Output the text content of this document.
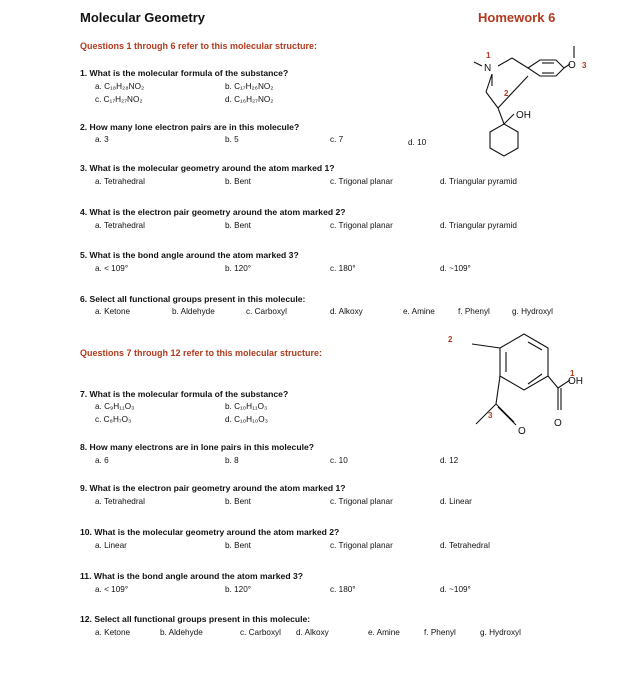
Molecular Geometry	Homework 6
Questions 1 through 6 refer to this molecular structure:
1. What is the molecular formula of the substance?
a. C₁₈H₂₈NO₂	b. C₁₇H₂₆NO₂
c. C₁₇H₂₇NO₂	d. C₁₆H₂₇NO₂
2. How many lone electron pairs are in this molecule?
a. 3	b. 5	c. 7	d. 10
3. What is the molecular geometry around the atom marked 1?
a. Tetrahedral	b. Bent	c. Trigonal planar	d. Triangular pyramid
4. What is the electron pair geometry around the atom marked 2?
a. Tetrahedral	b. Bent	c. Trigonal planar	d. Triangular pyramid
5. What is the bond angle around the atom marked 3?
a. < 109°	b. 120°	c. 180°	d. ~109°
6. Select all functional groups present in this molecule:
a. Ketone	b. Aldehyde	c. Carboxyl	d. Alkoxy	e. Amine	f. Phenyl	g. Hydroxyl
Questions 7 through 12 refer to this molecular structure:
7. What is the molecular formula of the substance?
a. C₉H₁₁O₃	b. C₁₀H₁₁O₃
c. C₈H₇O₃	d. C₁₀H₁₀O₃
8. How many electrons are in lone pairs in this molecule?
a. 6	b. 8	c. 10	d. 12
9. What is the electron pair geometry around the atom marked 1?
a. Tetrahedral	b. Bent	c. Trigonal planar	d. Linear
10. What is the molecular geometry around the atom marked 2?
a. Linear	b. Bent	c. Trigonal planar	d. Tetrahedral
11. What is the bond angle around the atom marked 3?
a. < 109°	b. 120°	c. 180°	d. ~109°
12. Select all functional groups present in this molecule:
a. Ketone	b. Aldehyde	c. Carboxyl d. Alkoxy	e. Amine	f. Phenyl	g. Hydroxyl
N	O
OH
1
2
3
OH
O
O
1
2
3
